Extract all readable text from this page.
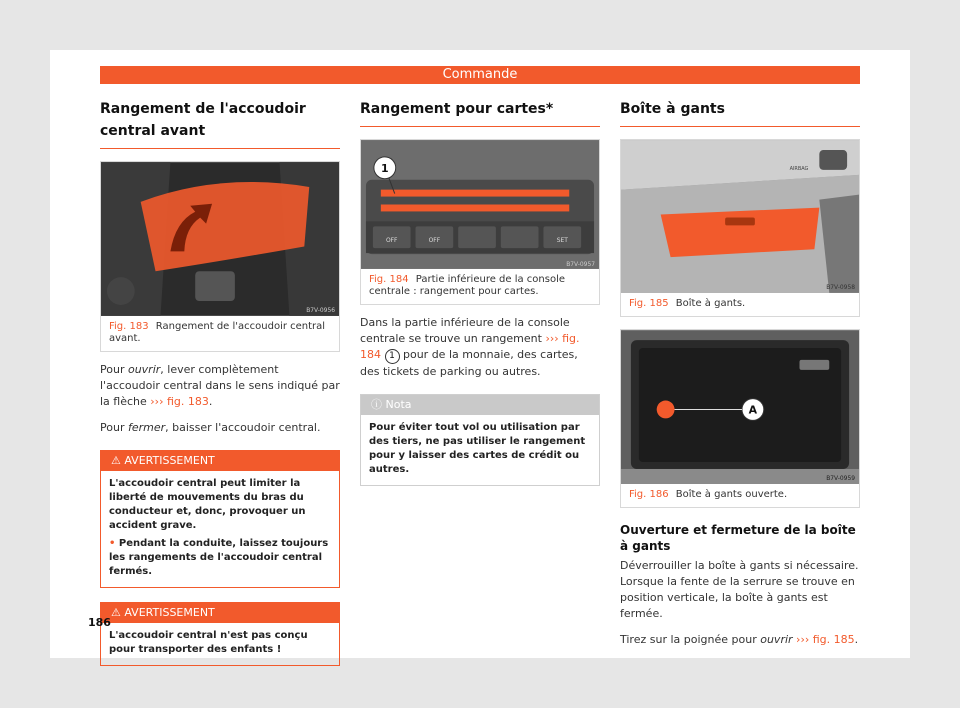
Commande
Rangement de l'accoudoir central avant
B7V-0956
Fig. 183 Rangement de l'accoudoir central avant.

Pour ouvrir, lever complètement l'accoudoir central dans le sens indiqué par la flèche ››› fig. 183.

Pour fermer, baisser l'accoudoir central.

⚠ AVERTISSEMENT
L'accoudoir central peut limiter la liberté de mouvements du bras du conducteur et, donc, provoquer un accident grave.
• Pendant la conduite, laissez toujours les rangements de l'accoudoir central fermés.
⚠ AVERTISSEMENT
L'accoudoir central n'est pas conçu pour transporter des enfants !
Rangement pour cartes*
OFF	OFF	SET
1
B7V-0957
Fig. 184 Partie inférieure de la console centrale : rangement pour cartes.

Dans la partie inférieure de la console centrale se trouve un rangement ››› fig. 184 1 pour de la monnaie, des cartes, des tickets de parking ou autres.

ⓘ Nota
Pour éviter tout vol ou utilisation par des tiers, ne pas utiliser le rangement pour y laisser des cartes de crédit ou autres.
Boîte à gants
AIRBAG
B7V-0958
Fig. 185 Boîte à gants.
A
B7V-0959
Fig. 186 Boîte à gants ouverte.
Ouverture et fermeture de la boîte à gants

Déverrouiller la boîte à gants si nécessaire. Lorsque la fente de la serrure se trouve en position verticale, la boîte à gants est fermée.

Tirez sur la poignée pour ouvrir ››› fig. 185.

186
